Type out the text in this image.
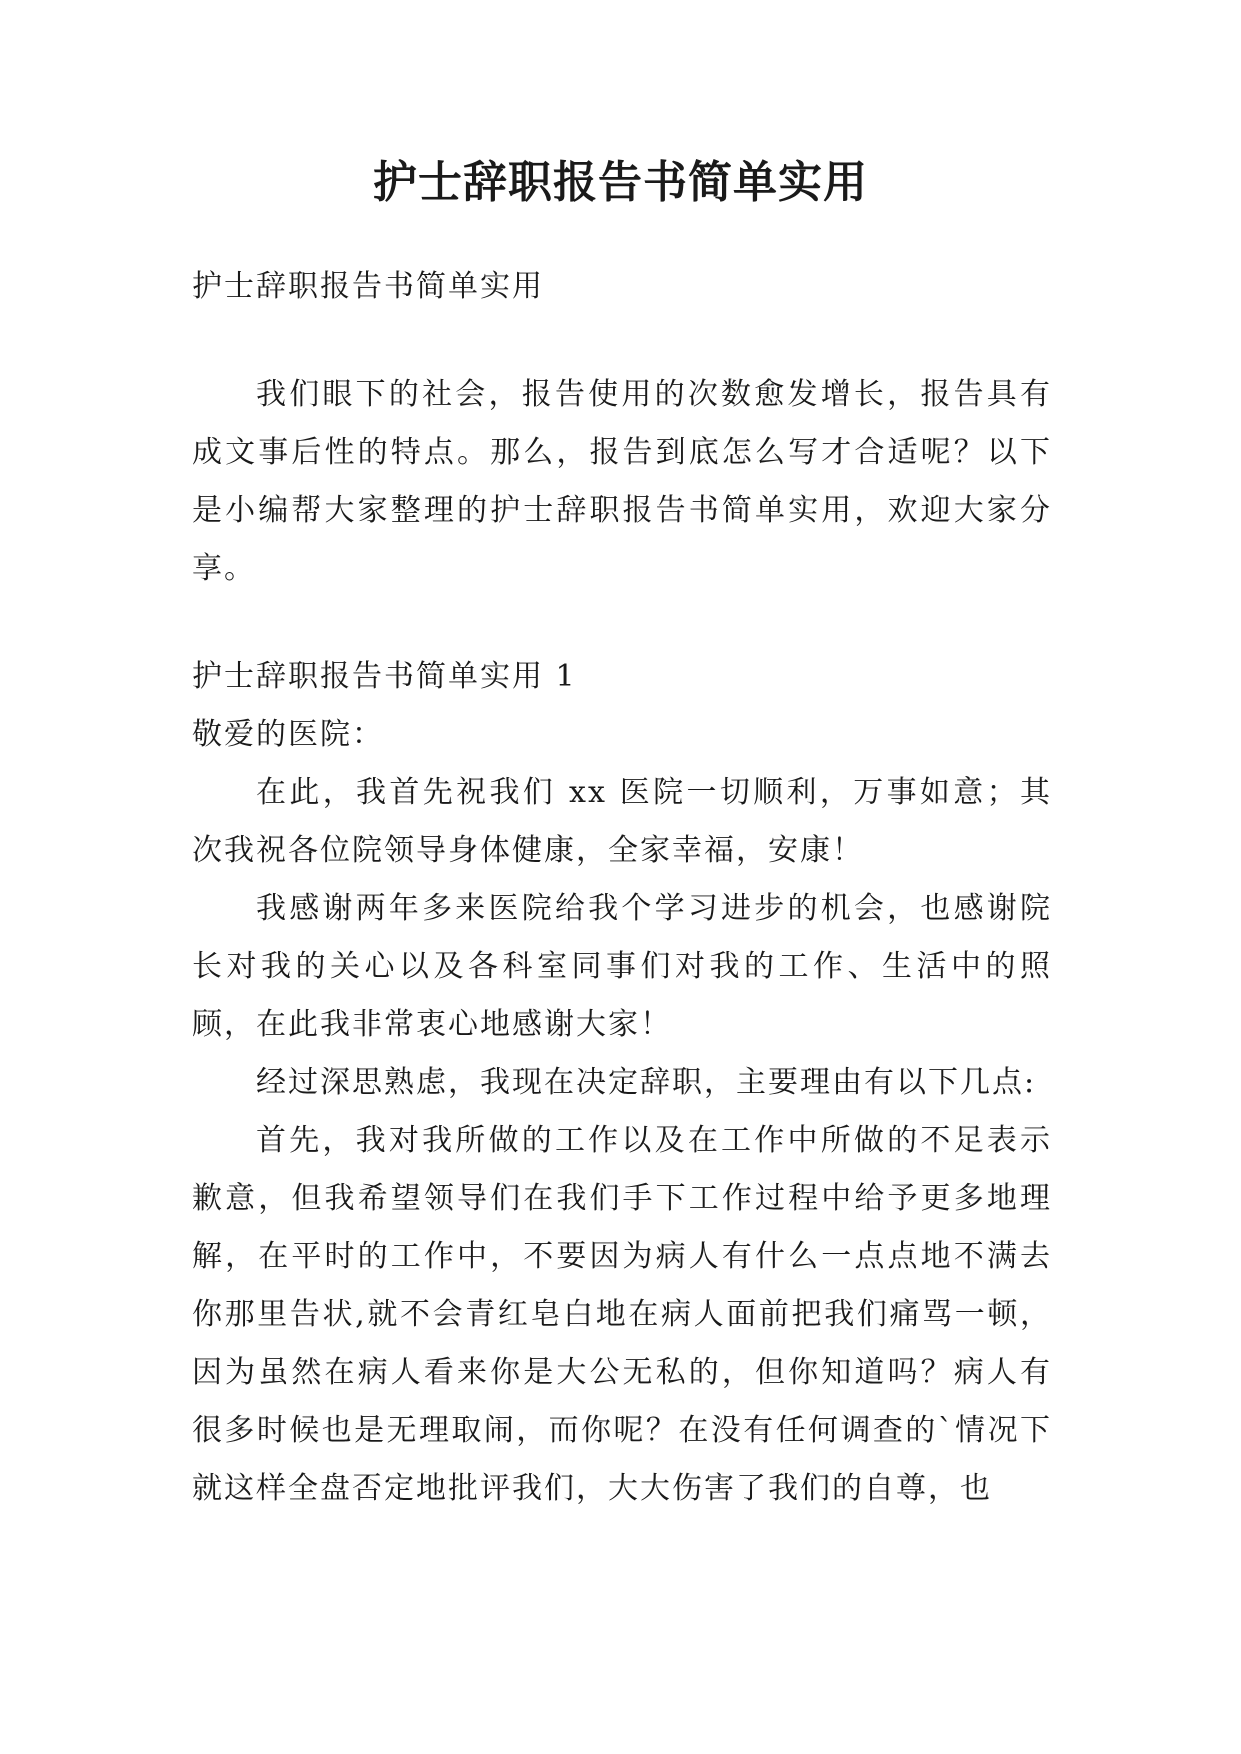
护士辞职报告书简单实用

护士辞职报告书简单实用

我们眼下的社会，报告使用的次数愈发增长，报告具有成文事后性的特点。那么，报告到底怎么写才合适呢？以下是小编帮大家整理的护士辞职报告书简单实用，欢迎大家分享。

护士辞职报告书简单实用 1

敬爱的医院：

在此，我首先祝我们 xx 医院一切顺利，万事如意；其次我祝各位院领导身体健康，全家幸福，安康！

我感谢两年多来医院给我个学习进步的机会，也感谢院长对我的关心以及各科室同事们对我的工作、生活中的照顾，在此我非常衷心地感谢大家！

经过深思熟虑，我现在决定辞职，主要理由有以下几点:

首先，我对我所做的工作以及在工作中所做的不足表示歉意，但我希望领导们在我们手下工作过程中给予更多地理解，在平时的工作中，不要因为病人有什么一点点地不满去你那里告状,就不会青红皂白地在病人面前把我们痛骂一顿，因为虽然在病人看来你是大公无私的，但你知道吗？病人有很多时候也是无理取闹，而你呢？在没有任何调查的`情况下就这样全盘否定地批评我们，大大伤害了我们的自尊，也
